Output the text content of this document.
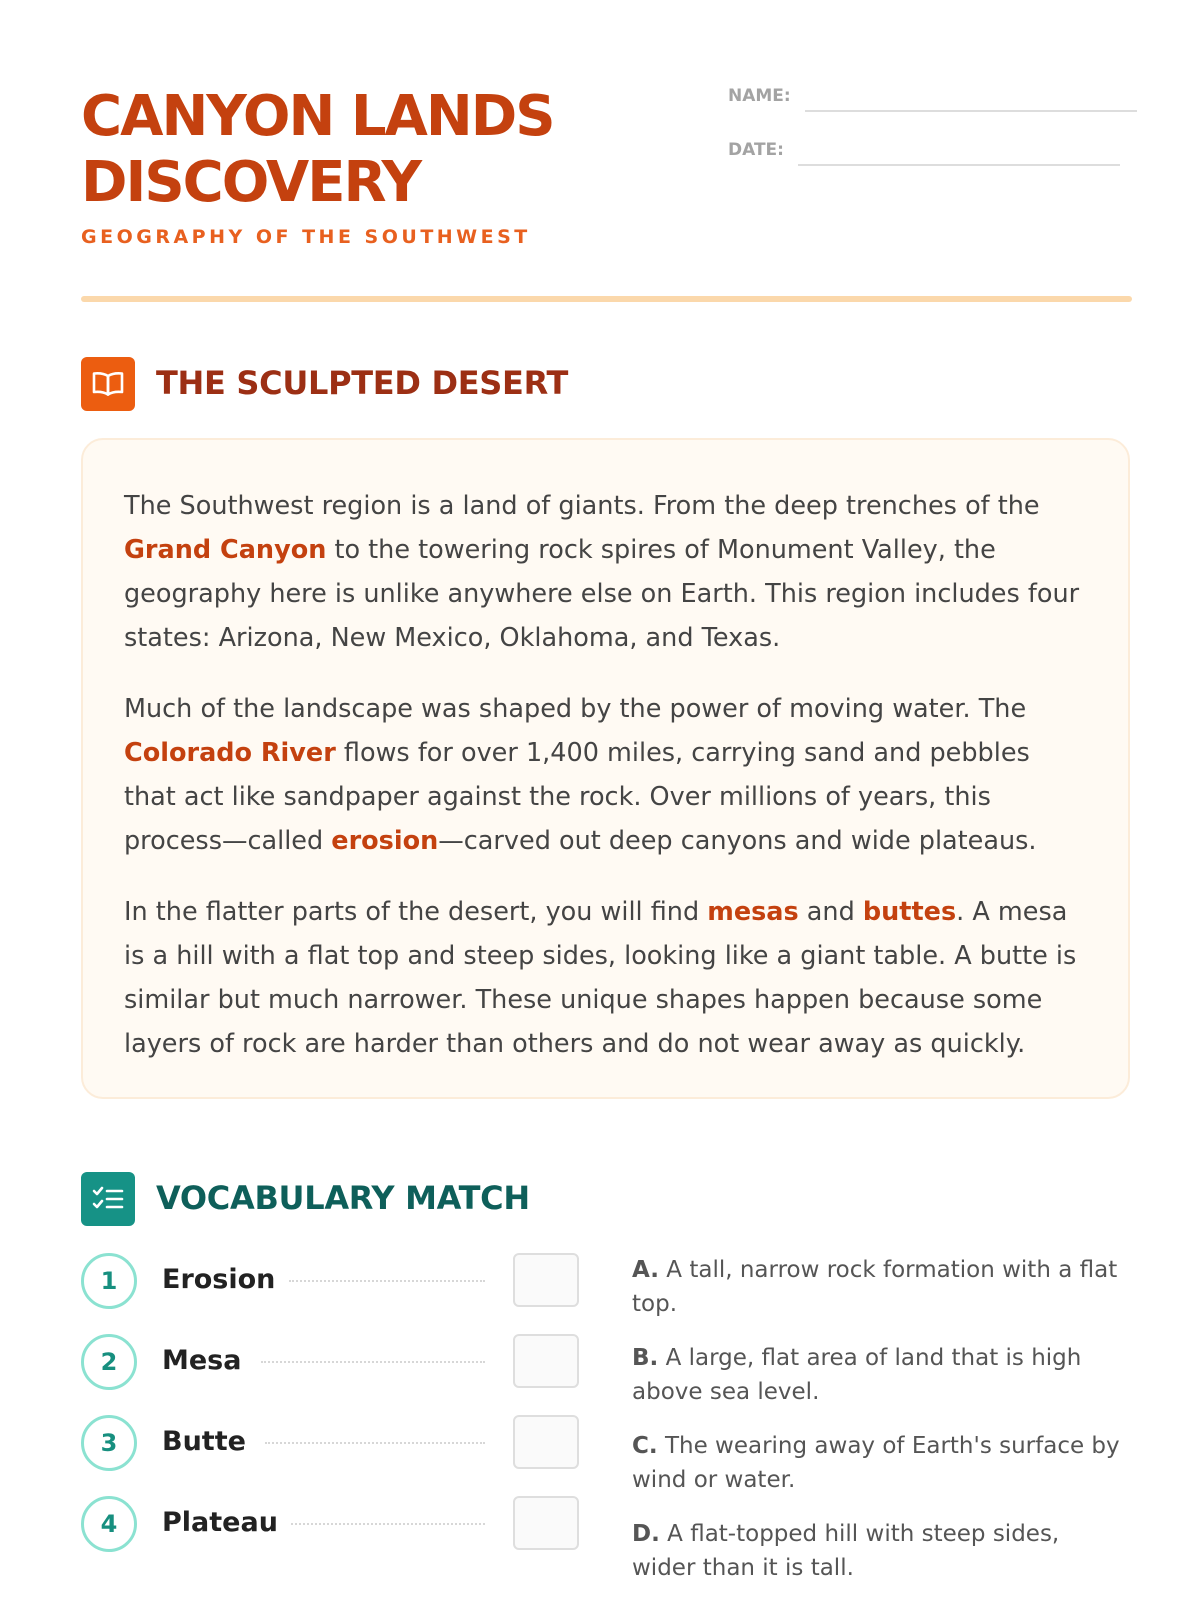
CANYON LANDS DISCOVERY
GEOGRAPHY OF THE SOUTHWEST
NAME:
DATE:
THE SCULPTED DESERT

The Southwest region is a land of giants. From the deep trenches of the Grand Canyon to the towering rock spires of Monument Valley, the geography here is unlike anywhere else on Earth. This region includes four states: Arizona, New Mexico, Oklahoma, and Texas.

Much of the landscape was shaped by the power of moving water. The Colorado River flows for over 1,400 miles, carrying sand and pebbles that act like sandpaper against the rock. Over millions of years, this process—called erosion—carved out deep canyons and wide plateaus.

In the flatter parts of the desert, you will find mesas and buttes. A mesa is a hill with a flat top and steep sides, looking like a giant table. A butte is similar but much narrower. These unique shapes happen because some layers of rock are harder than others and do not wear away as quickly.

VOCABULARY MATCH
1	Erosion
2	Mesa
3	Butte
4	Plateau
A. A tall, narrow rock formation with a flat top.
B. A large, flat area of land that is high above sea level.
C. The wearing away of Earth's surface by wind or water.
D. A flat-topped hill with steep sides, wider than it is tall.
